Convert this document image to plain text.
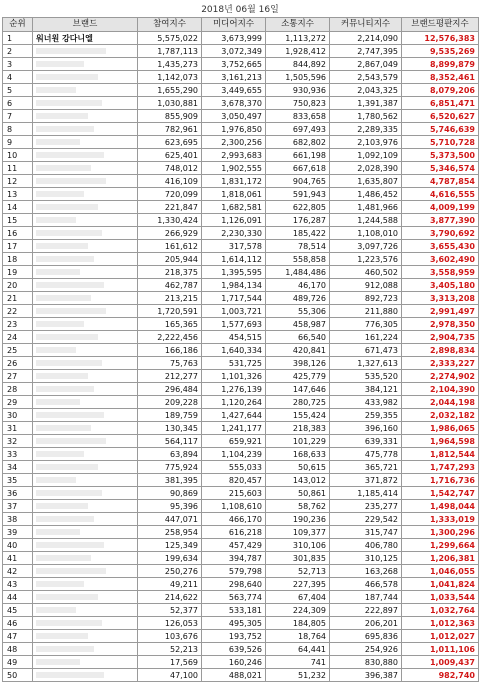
2018년 06월 16일
순위	브랜드	참여지수	미디어지수	소통지수	커뮤니티지수	브랜드평판지수
1	워너원 강다니엘	5,575,022	3,673,999	1,113,272	2,214,090	12,576,383
2		1,787,113	3,072,349	1,928,412	2,747,395	9,535,269
3		1,435,273	3,752,665	844,892	2,867,049	8,899,879
4		1,142,073	3,161,213	1,505,596	2,543,579	8,352,461
5		1,655,290	3,449,655	930,936	2,043,325	8,079,206
6		1,030,881	3,678,370	750,823	1,391,387	6,851,471
7		855,909	3,050,497	833,658	1,780,562	6,520,627
8		782,961	1,976,850	697,493	2,289,335	5,746,639
9		623,695	2,300,256	682,802	2,103,976	5,710,728
10		625,401	2,993,683	661,198	1,092,109	5,373,500
11		748,012	1,902,555	667,618	2,028,390	5,346,574
12		416,109	1,831,172	904,765	1,635,807	4,787,854
13		720,099	1,818,061	591,943	1,486,452	4,616,555
14		221,847	1,682,581	622,805	1,481,966	4,009,199
15		1,330,424	1,126,091	176,287	1,244,588	3,877,390
16		266,929	2,230,330	185,422	1,108,010	3,790,692
17		161,612	317,578	78,514	3,097,726	3,655,430
18		205,944	1,614,112	558,858	1,223,576	3,602,490
19		218,375	1,395,595	1,484,486	460,502	3,558,959
20		462,787	1,984,134	46,170	912,088	3,405,180
21		213,215	1,717,544	489,726	892,723	3,313,208
22		1,720,591	1,003,721	55,306	211,880	2,991,497
23		165,365	1,577,693	458,987	776,305	2,978,350
24		2,222,456	454,515	66,540	161,224	2,904,735
25		166,186	1,640,334	420,841	671,473	2,898,834
26		75,763	531,725	398,126	1,327,613	2,333,227
27		212,277	1,101,326	425,779	535,520	2,274,902
28		296,484	1,276,139	147,646	384,121	2,104,390
29		209,228	1,120,264	280,725	433,982	2,044,198
30		189,759	1,427,644	155,424	259,355	2,032,182
31		130,345	1,241,177	218,383	396,160	1,986,065
32		564,117	659,921	101,229	639,331	1,964,598
33		63,894	1,104,239	168,633	475,778	1,812,544
34		775,924	555,033	50,615	365,721	1,747,293
35		381,395	820,457	143,012	371,872	1,716,736
36		90,869	215,603	50,861	1,185,414	1,542,747
37		95,396	1,108,610	58,762	235,277	1,498,044
38		447,071	466,170	190,236	229,542	1,333,019
39		258,954	616,218	109,377	315,747	1,300,296
40		125,349	457,429	310,106	406,780	1,299,664
41		199,634	394,787	301,835	310,125	1,206,381
42		250,276	579,798	52,713	163,268	1,046,055
43		49,211	298,640	227,395	466,578	1,041,824
44		214,622	563,774	67,404	187,744	1,033,544
45		52,377	533,181	224,309	222,897	1,032,764
46		126,053	495,305	184,805	206,201	1,012,363
47		103,676	193,752	18,764	695,836	1,012,027
48		52,213	639,526	64,441	254,926	1,011,106
49		17,569	160,246	741	830,880	1,009,437
50		47,100	488,021	51,232	396,387	982,740
